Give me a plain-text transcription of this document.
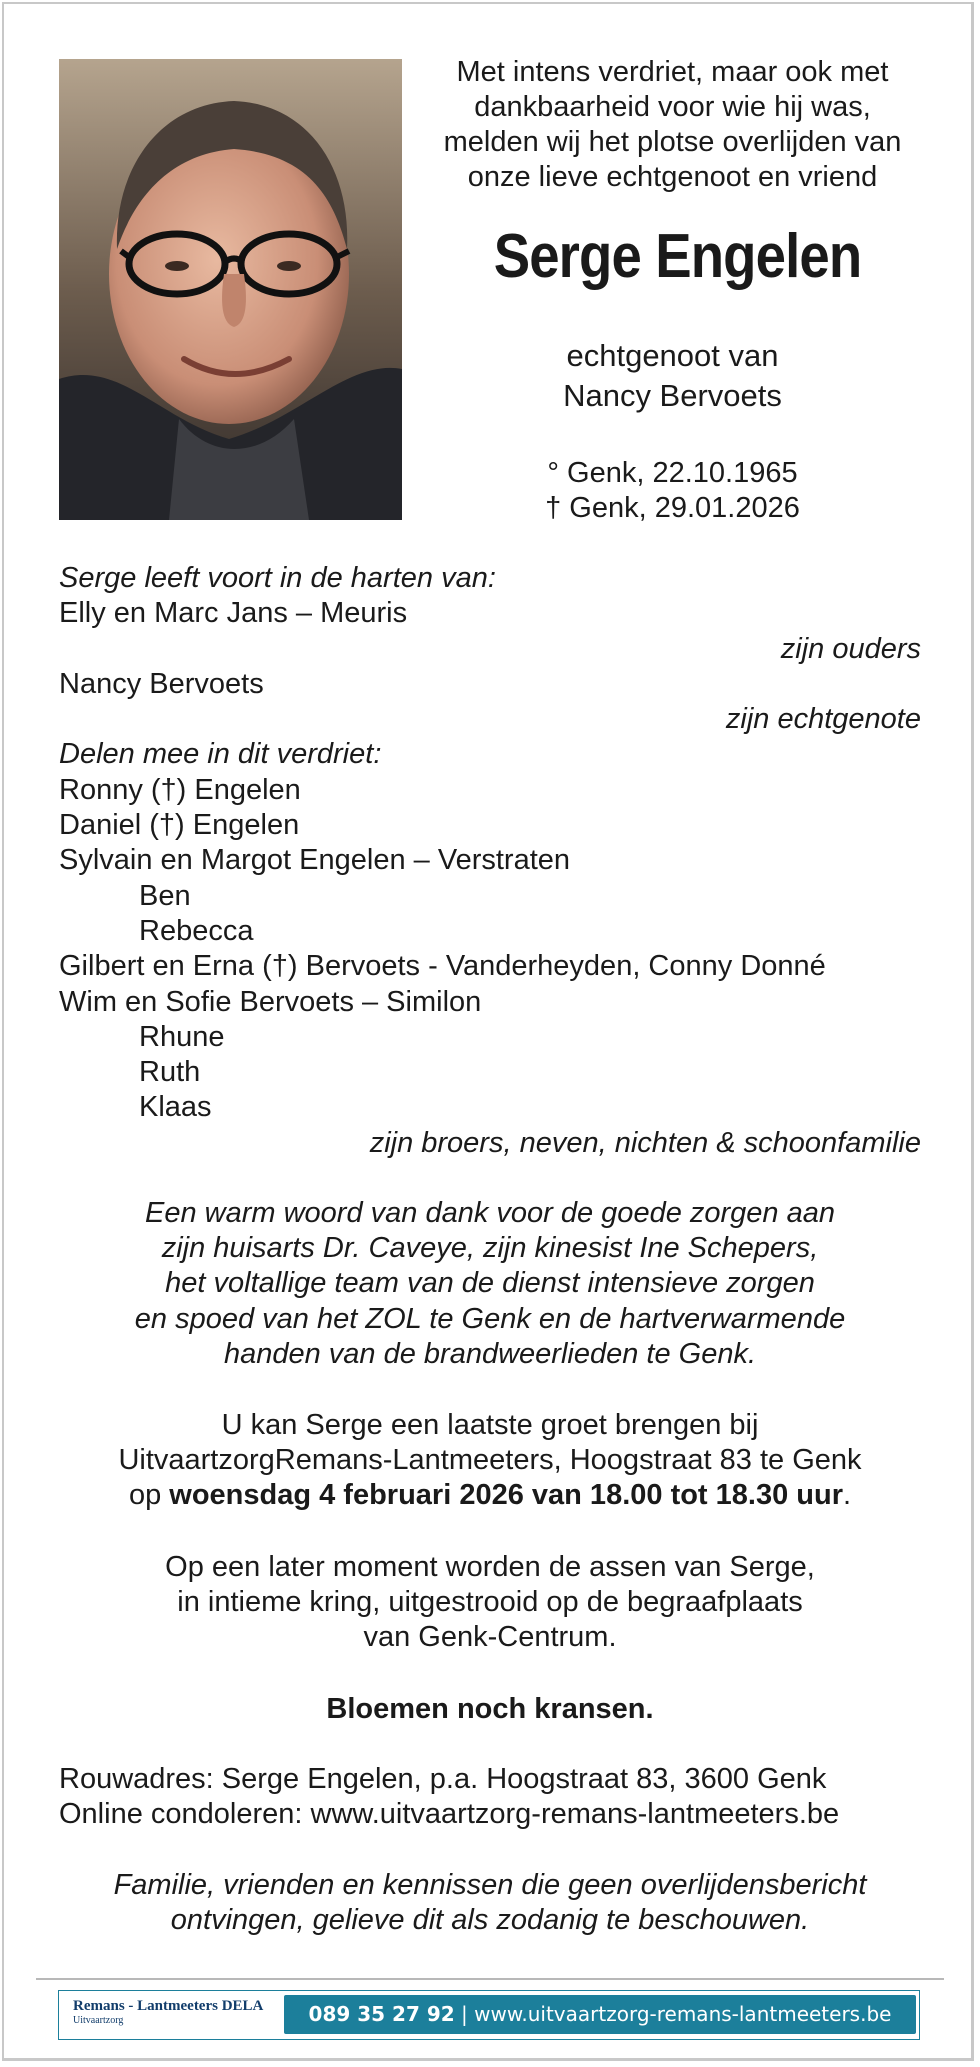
Met intens verdriet, maar ook met
dankbaarheid voor wie hij was,
melden wij het plotse overlijden van
onze lieve echtgenoot en vriend
Serge Engelen
echtgenoot van
Nancy Bervoets
° Genk, 22.10.1965
† Genk, 29.01.2026
Serge leeft voort in de harten van:
Elly en Marc Jans – Meuris
zijn ouders
Nancy Bervoets
zijn echtgenote
Delen mee in dit verdriet:
Ronny (†) Engelen
Daniel (†) Engelen
Sylvain en Margot Engelen – Verstraten
Ben
Rebecca
Gilbert en Erna (†) Bervoets - Vanderheyden, Conny Donné
Wim en Sofie Bervoets – Similon
Rhune
Ruth
Klaas
zijn broers, neven, nichten & schoonfamilie
Een warm woord van dank voor de goede zorgen aan
zijn huisarts Dr. Caveye, zijn kinesist Ine Schepers,
het voltallige team van de dienst intensieve zorgen
en spoed van het ZOL te Genk en de hartverwarmende
handen van de brandweerlieden te Genk.
U kan Serge een laatste groet brengen bij
UitvaartzorgRemans-Lantmeeters, Hoogstraat 83 te Genk
op woensdag 4 februari 2026 van 18.00 tot 18.30 uur.
Op een later moment worden de assen van Serge,
in intieme kring, uitgestrooid op de begraafplaats
van Genk-Centrum.
Bloemen noch kransen.
Rouwadres: Serge Engelen, p.a. Hoogstraat 83, 3600 Genk
Online condoleren: www.uitvaartzorg-remans-lantmeeters.be
Familie, vrienden en kennissen die geen overlijdensbericht
ontvingen, gelieve dit als zodanig te beschouwen.
Remans - Lantmeeters DELA
Uitvaartzorg	089 35 27 92 | www.uitvaartzorg-remans-lantmeeters.be
